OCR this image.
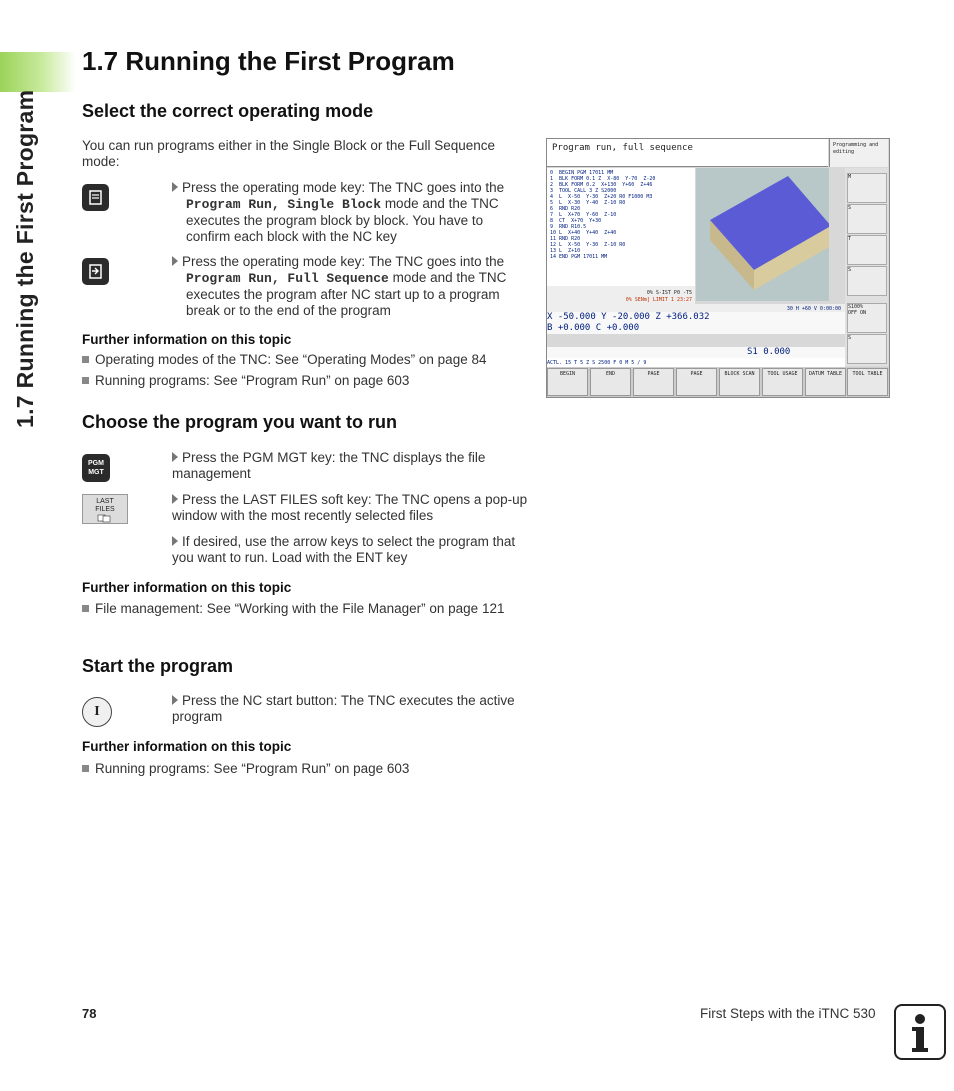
1.7 Running the First Program
1.7 Running the First Program
Select the correct operating mode
You can run programs either in the Single Block or the Full Sequence mode:
Press the operating mode key: The TNC goes into the
Program Run, Single Block mode and the TNC executes the program block by block. You have to confirm each block with the NC key
Press the operating mode key: The TNC goes into the
Program Run, Full Sequence mode and the TNC executes the program after NC start up to a program break or to the end of the program
Further information on this topic
Operating modes of the TNC: See “Operating Modes” on page 84
Running programs: See “Program Run” on page 603
Choose the program you want to run
PGM
MGT
Press the PGM MGT key: the TNC displays the file management
LAST
FILES
Press the LAST FILES soft key: The TNC opens a pop-up window with the most recently selected files
If desired, use the arrow keys to select the program that you want to run. Load with the ENT key
Further information on this topic
File management: See “Working with the File Manager” on page 121
Start the program
I
Press the NC start button: The TNC executes the active program
Further information on this topic
Running programs: See “Program Run” on page 603
Program run, full sequence	Programming and editing
0  BEGIN PGM 17011 MM
1  BLK FORM 0.1 Z  X-80  Y-70  Z-20
2  BLK FORM 0.2  X+130  Y+60  Z+46
3  TOOL CALL 3 Z S2000
4  L  X-50  Y-30  Z+20 R0 F1000 M3
5  L  X-30  Y-40  Z-10 R0
6  RND R20
7  L  X+70  Y-60  Z-10
8  CT  X+70  Y+30
9  RND R10.5
10 L  X+40  Y+40  Z+40
11 RND R20
12 L  X-50  Y-30  Z-10 R0
13 L  Z+10
14 END PGM 17011 MM
M
S
T
S
S100%
OFF ON
S
0% S-IST P0 -T5
0% SENm] LIMIT 1 23:27
30 H +60 V 0:00:00
X -50.000 Y -20.000 Z +366.032
B +0.000 C +0.000
S1 0.000
ACTL. 15 T 5 Z S 2500 F 0 M 5 / 9
BEGIN	END	PAGE	PAGE	BLOCK SCAN	TOOL USAGE	DATUM TABLE	TOOL TABLE
78	First Steps with the iTNC 530
